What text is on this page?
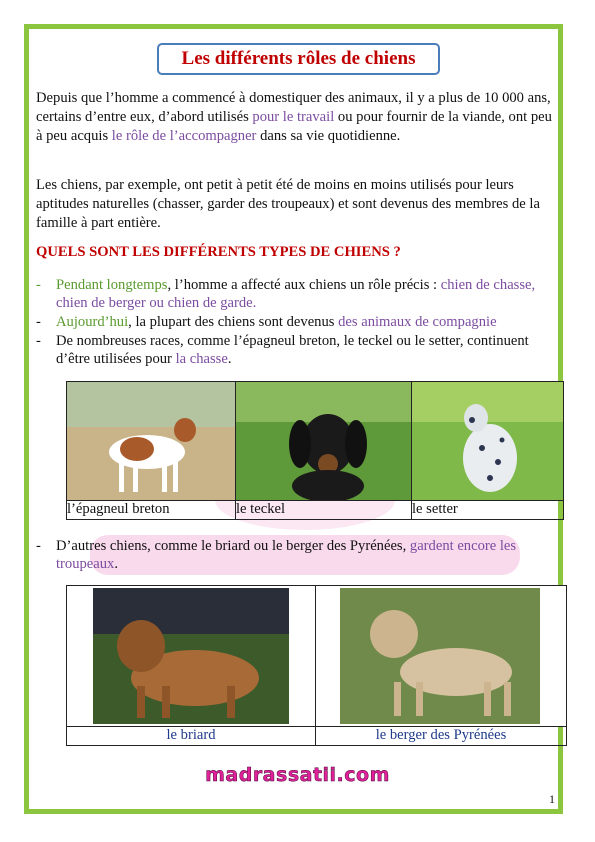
Les différents rôles de chiens
Depuis que l’homme a commencé à domestiquer des animaux, il y a plus de 10 000 ans, certains d’entre eux, d’abord utilisés pour le travail ou pour fournir de la viande, ont peu à peu acquis le rôle de l’accompagner dans sa vie quotidienne.
Les chiens, par exemple, ont petit à petit été de moins en moins utilisés pour leurs aptitudes naturelles (chasser, garder des troupeaux) et sont devenus des membres de la famille à part entière.
QUELS SONT LES DIFFÉRENTS TYPES DE CHIENS ?
- Pendant longtemps, l’homme a affecté aux chiens un rôle précis : chien de chasse, chien de berger ou chien de garde.
- Aujourd’hui, la plupart des chiens sont devenus des animaux de compagnie
- De nombreuses races, comme l’épagneul breton, le teckel ou le setter, continuent d’être utilisées pour la chasse.

l’épagneul breton	le teckel	le setter
- D’autres chiens, comme le briard ou le berger des Pyrénées, gardent encore les troupeaux.

le briard	le berger des Pyrénées
madrassatii.com
1
